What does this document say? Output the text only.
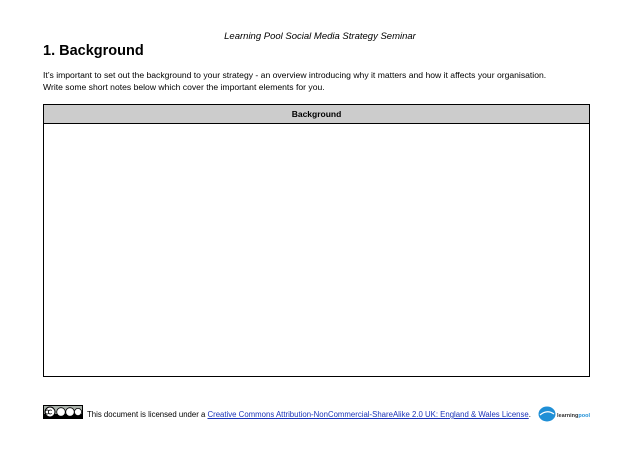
Learning Pool Social Media Strategy Seminar
1. Background

It’s important to set out the background to your strategy - an overview introducing why it matters and how it affects your organisation.

Write some short notes below which cover the important elements for you.

Background
This document is licensed under a Creative Commons Attribution-NonCommercial-ShareAlike 2.0 UK: England & Wales License.	learningpool
